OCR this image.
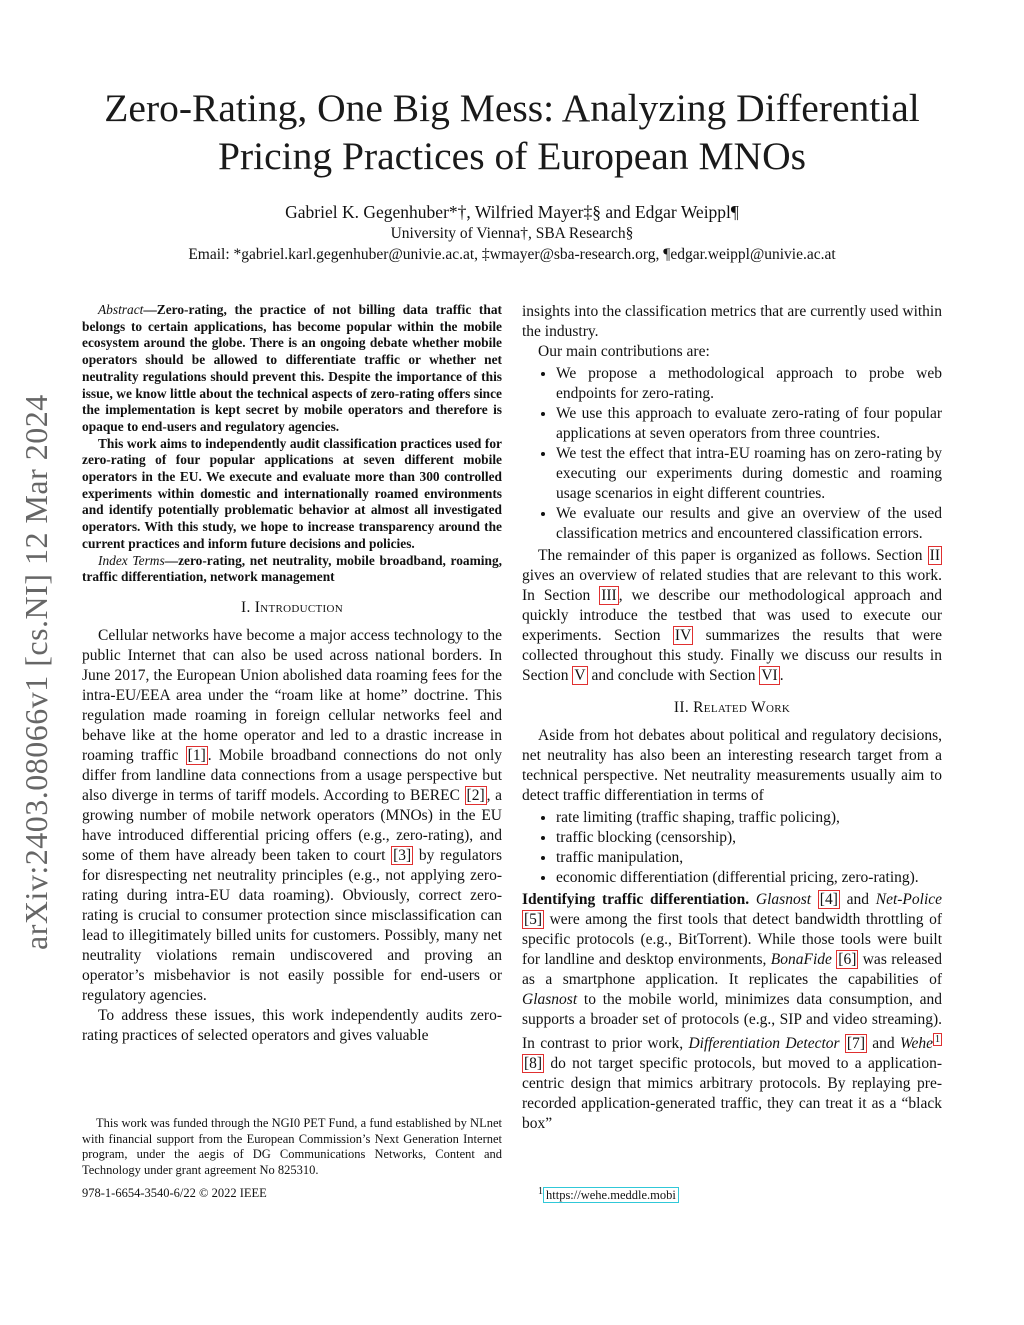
arXiv:2403.08066v1 [cs.NI] 12 Mar 2024
Zero-Rating, One Big Mess: Analyzing Differential
Pricing Practices of European MNOs
Gabriel K. Gegenhuber*†, Wilfried Mayer‡§ and Edgar Weippl¶
University of Vienna†, SBA Research§
Email: *gabriel.karl.gegenhuber@univie.ac.at, ‡wmayer@sba-research.org, ¶edgar.weippl@univie.ac.at

Abstract—Zero-rating, the practice of not billing data traffic that belongs to certain applications, has become popular within the mobile ecosystem around the globe. There is an ongoing debate whether mobile operators should be allowed to differentiate traffic or whether net neutrality regulations should prevent this. Despite the importance of this issue, we know little about the technical aspects of zero-rating offers since the implementation is kept secret by mobile operators and therefore is opaque to end-users and regulatory agencies.

This work aims to independently audit classification practices used for zero-rating of four popular applications at seven different mobile operators in the EU. We execute and evaluate more than 300 controlled experiments within domestic and internationally roamed environments and identify potentially problematic behavior at almost all investigated operators. With this study, we hope to increase transparency around the current practices and inform future decisions and policies.

Index Terms—zero-rating, net neutrality, mobile broadband, roaming, traffic differentiation, network management

I. Introduction

Cellular networks have become a major access technology to the public Internet that can also be used across national borders. In June 2017, the European Union abolished data roaming fees for the intra-EU/EEA area under the “roam like at home” doctrine. This regulation made roaming in foreign cellular networks feel and behave like at the home operator and led to a drastic increase in roaming traffic [1] . Mobile broadband connections do not only differ from landline data connections from a usage perspective but also diverge in terms of tariff models. According to BEREC [2] , a growing number of mobile network operators (MNOs) in the EU have introduced differential pricing offers (e.g., zero-rating), and some of them have already been taken to court [3] by regulators for disrespecting net neutrality principles (e.g., not applying zero-rating during intra-EU data roaming). Obviously, correct zero-rating is crucial to consumer protection since misclassification can lead to illegitimately billed units for customers. Possibly, many net neutrality violations remain undiscovered and proving an operator’s misbehavior is not easily possible for end-users or regulatory agencies.

To address these issues, this work independently audits zero-rating practices of selected operators and gives valuable

This work was funded through the NGI0 PET Fund, a fund established by NLnet with financial support from the European Commission’s Next Generation Internet program, under the aegis of DG Communications Networks, Content and Technology under grant agreement No 825310.

978-1-6654-3540-6/22 © 2022 IEEE

insights into the classification metrics that are currently used within the industry.

Our main contributions are:

• We propose a methodological approach to probe web endpoints for zero-rating.
• We use this approach to evaluate zero-rating of four popular applications at seven operators from three countries.
• We test the effect that intra-EU roaming has on zero-rating by executing our experiments during domestic and roaming usage scenarios in eight different countries.
• We evaluate our results and give an overview of the used classification metrics and encountered classification errors.

The remainder of this paper is organized as follows. Section II gives an overview of related studies that are relevant to this work. In Section III , we describe our methodological approach and quickly introduce the testbed that was used to execute our experiments. Section IV summarizes the results that were collected throughout this study. Finally we discuss our results in Section V and conclude with Section VI .

II. Related Work

Aside from hot debates about political and regulatory decisions, net neutrality has also been an interesting research target from a technical perspective. Net neutrality measurements usually aim to detect traffic differentiation in terms of

• rate limiting (traffic shaping, traffic policing),
• traffic blocking (censorship),
• traffic manipulation,
• economic differentiation (differential pricing, zero-rating).

Identifying traffic differentiation. Glasnost [4] and Net-Police [5] were among the first tools that detect bandwidth throttling of specific protocols (e.g., BitTorrent). While those tools were built for landline and desktop environments, BonaFide [6] was released as a smartphone application. It replicates the capabilities of Glasnost to the mobile world, minimizes data consumption, and supports a broader set of protocols (e.g., SIP and video streaming). In contrast to prior work, Differentiation Detector [7] and Wehe $^1$ [8] do not target specific protocols, but moved to a application-centric design that mimics arbitrary protocols. By replaying pre-recorded application-generated traffic, they can treat it as a “black box”

$^1$ https://wehe.meddle.mobi
